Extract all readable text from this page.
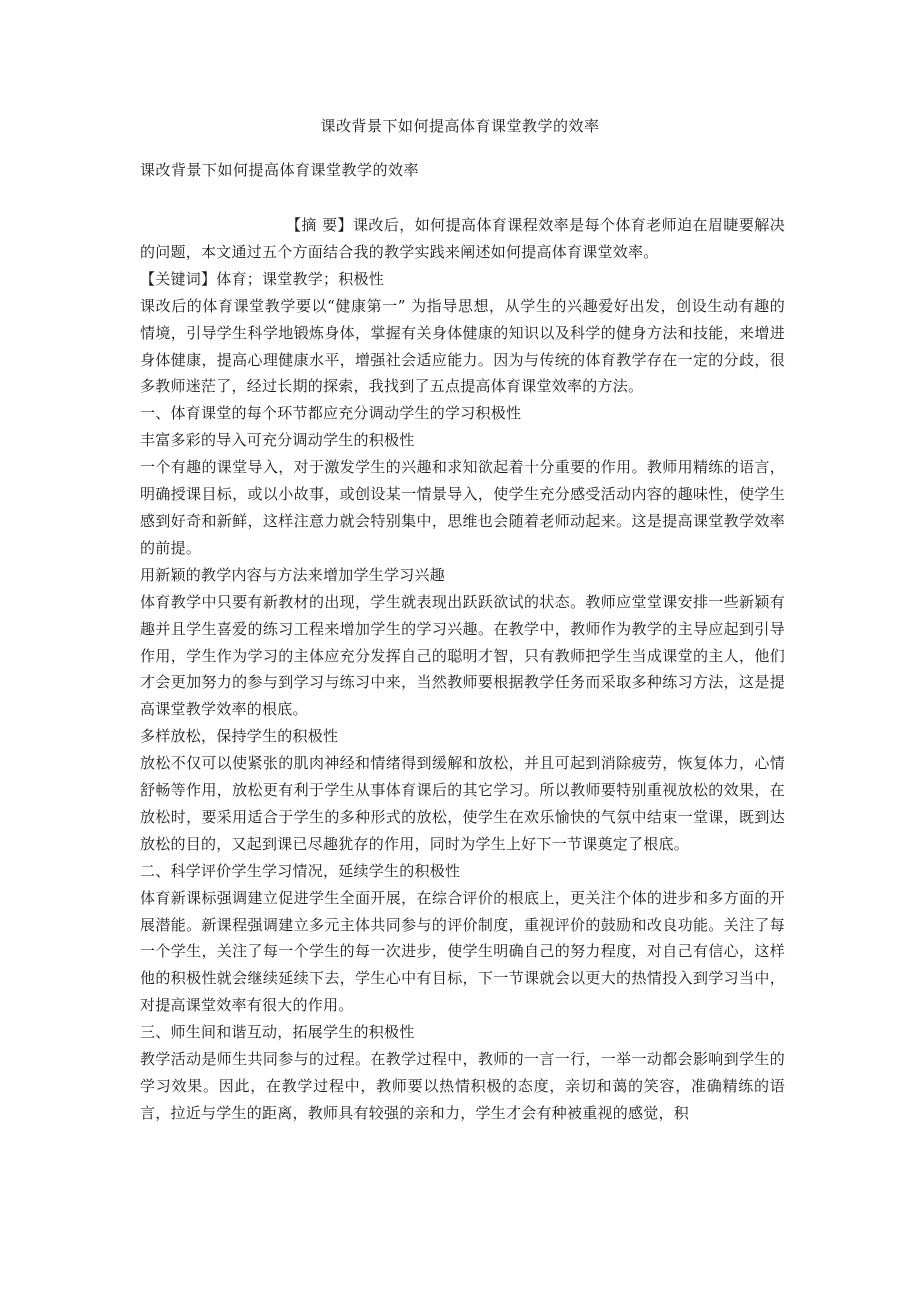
课改背景下如何提高体育课堂教学的效率
课改背景下如何提高体育课堂教学的效率

【摘 要】课改后，如何提高体育课程效率是每个体育老师迫在眉睫要解决的问题，本文通过五个方面结合我的教学实践来阐述如何提高体育课堂效率。

【关键词】体育；课堂教学；积极性

课改后的体育课堂教学要以“健康第一” 为指导思想，从学生的兴趣爱好出发，创设生动有趣的情境，引导学生科学地锻炼身体，掌握有关身体健康的知识以及科学的健身方法和技能，来增进身体健康，提高心理健康水平，增强社会适应能力。因为与传统的体育教学存在一定的分歧，很多教师迷茫了，经过长期的探索，我找到了五点提高体育课堂效率的方法。

一、体育课堂的每个环节都应充分调动学生的学习积极性

丰富多彩的导入可充分调动学生的积极性

一个有趣的课堂导入，对于激发学生的兴趣和求知欲起着十分重要的作用。教师用精练的语言，明确授课目标，或以小故事，或创设某一情景导入，使学生充分感受活动内容的趣味性，使学生感到好奇和新鲜，这样注意力就会特别集中，思维也会随着老师动起来。这是提高课堂教学效率的前提。

用新颖的教学内容与方法来增加学生学习兴趣

体育教学中只要有新教材的出现，学生就表现出跃跃欲试的状态。教师应堂堂课安排一些新颖有趣并且学生喜爱的练习工程来增加学生的学习兴趣。在教学中，教师作为教学的主导应起到引导作用，学生作为学习的主体应充分发挥自己的聪明才智，只有教师把学生当成课堂的主人，他们才会更加努力的参与到学习与练习中来，当然教师要根据教学任务而采取多种练习方法，这是提高课堂教学效率的根底。

多样放松，保持学生的积极性

放松不仅可以使紧张的肌肉神经和情绪得到缓解和放松，并且可起到消除疲劳，恢复体力，心情舒畅等作用，放松更有利于学生从事体育课后的其它学习。所以教师要特别重视放松的效果，在放松时，要采用适合于学生的多种形式的放松，使学生在欢乐愉快的气氛中结束一堂课，既到达放松的目的，又起到课已尽趣犹存的作用，同时为学生上好下一节课奠定了根底。

二、科学评价学生学习情况，延续学生的积极性

体育新课标强调建立促进学生全面开展，在综合评价的根底上，更关注个体的进步和多方面的开展潜能。新课程强调建立多元主体共同参与的评价制度，重视评价的鼓励和改良功能。关注了每一个学生，关注了每一个学生的每一次进步，使学生明确自己的努力程度，对自己有信心，这样他的积极性就会继续延续下去，学生心中有目标，下一节课就会以更大的热情投入到学习当中，对提高课堂效率有很大的作用。

三、师生间和谐互动，拓展学生的积极性

教学活动是师生共同参与的过程。在教学过程中，教师的一言一行，一举一动都会影响到学生的学习效果。因此，在教学过程中，教师要以热情积极的态度，亲切和蔼的笑容，准确精练的语言，拉近与学生的距离，教师具有较强的亲和力，学生才会有种被重视的感觉，积
